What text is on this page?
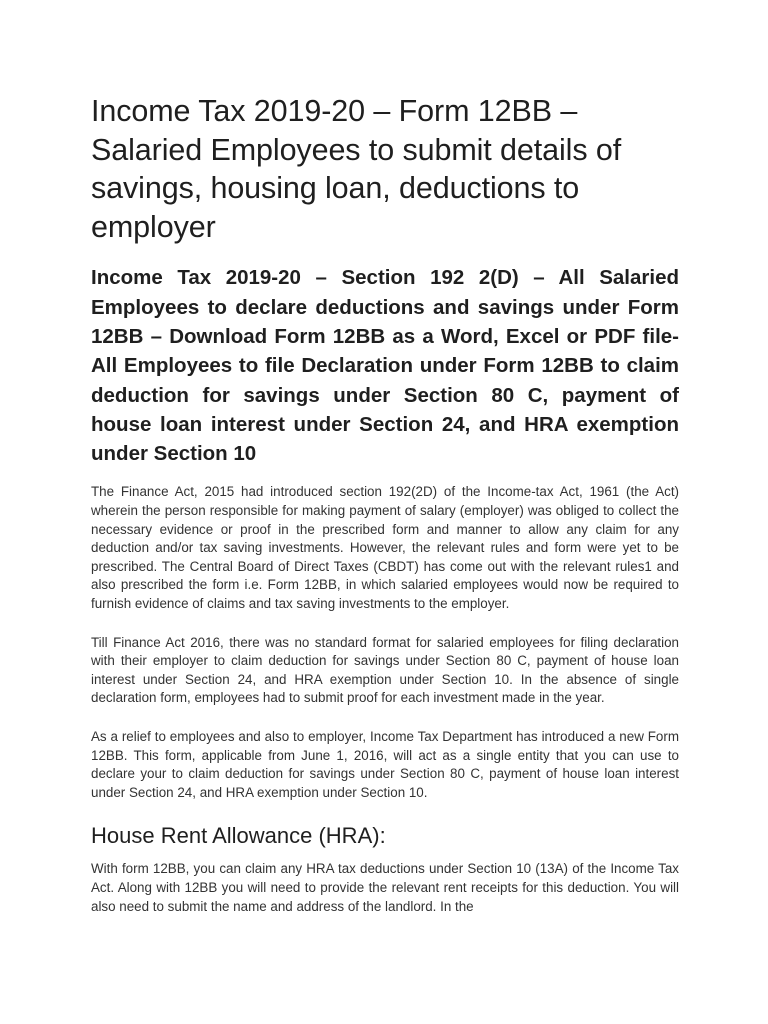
Income Tax 2019-20 – Form 12BB – Salaried Employees to submit details of savings, housing loan, deductions to employer
Income Tax 2019-20 – Section 192 2(D) – All Salaried Employees to declare deductions and savings under Form 12BB – Download Form 12BB as a Word, Excel or PDF file- All Employees to file Declaration under Form 12BB to claim deduction for savings under Section 80 C, payment of house loan interest under Section 24, and HRA exemption under Section 10

The Finance Act, 2015 had introduced section 192(2D) of the Income-tax Act, 1961 (the Act) wherein the person responsible for making payment of salary (employer) was obliged to collect the necessary evidence or proof in the prescribed form and manner to allow any claim for any deduction and/or tax saving investments. However, the relevant rules and form were yet to be prescribed. The Central Board of Direct Taxes (CBDT) has come out with the relevant rules1 and also prescribed the form i.e. Form 12BB, in which salaried employees would now be required to furnish evidence of claims and tax saving investments to the employer.

Till Finance Act 2016, there was no standard format for salaried employees for filing declaration with their employer to claim deduction for savings under Section 80 C, payment of house loan interest under Section 24, and HRA exemption under Section 10. In the absence of single declaration form, employees had to submit proof for each investment made in the year.

As a relief to employees and also to employer, Income Tax Department has introduced a new Form 12BB. This form, applicable from June 1, 2016, will act as a single entity that you can use to declare your to claim deduction for savings under Section 80 C, payment of house loan interest under Section 24, and HRA exemption under Section 10.

House Rent Allowance (HRA):

With form 12BB, you can claim any HRA tax deductions under Section 10 (13A) of the Income Tax Act. Along with 12BB you will need to provide the relevant rent receipts for this deduction. You will also need to submit the name and address of the landlord. In the
